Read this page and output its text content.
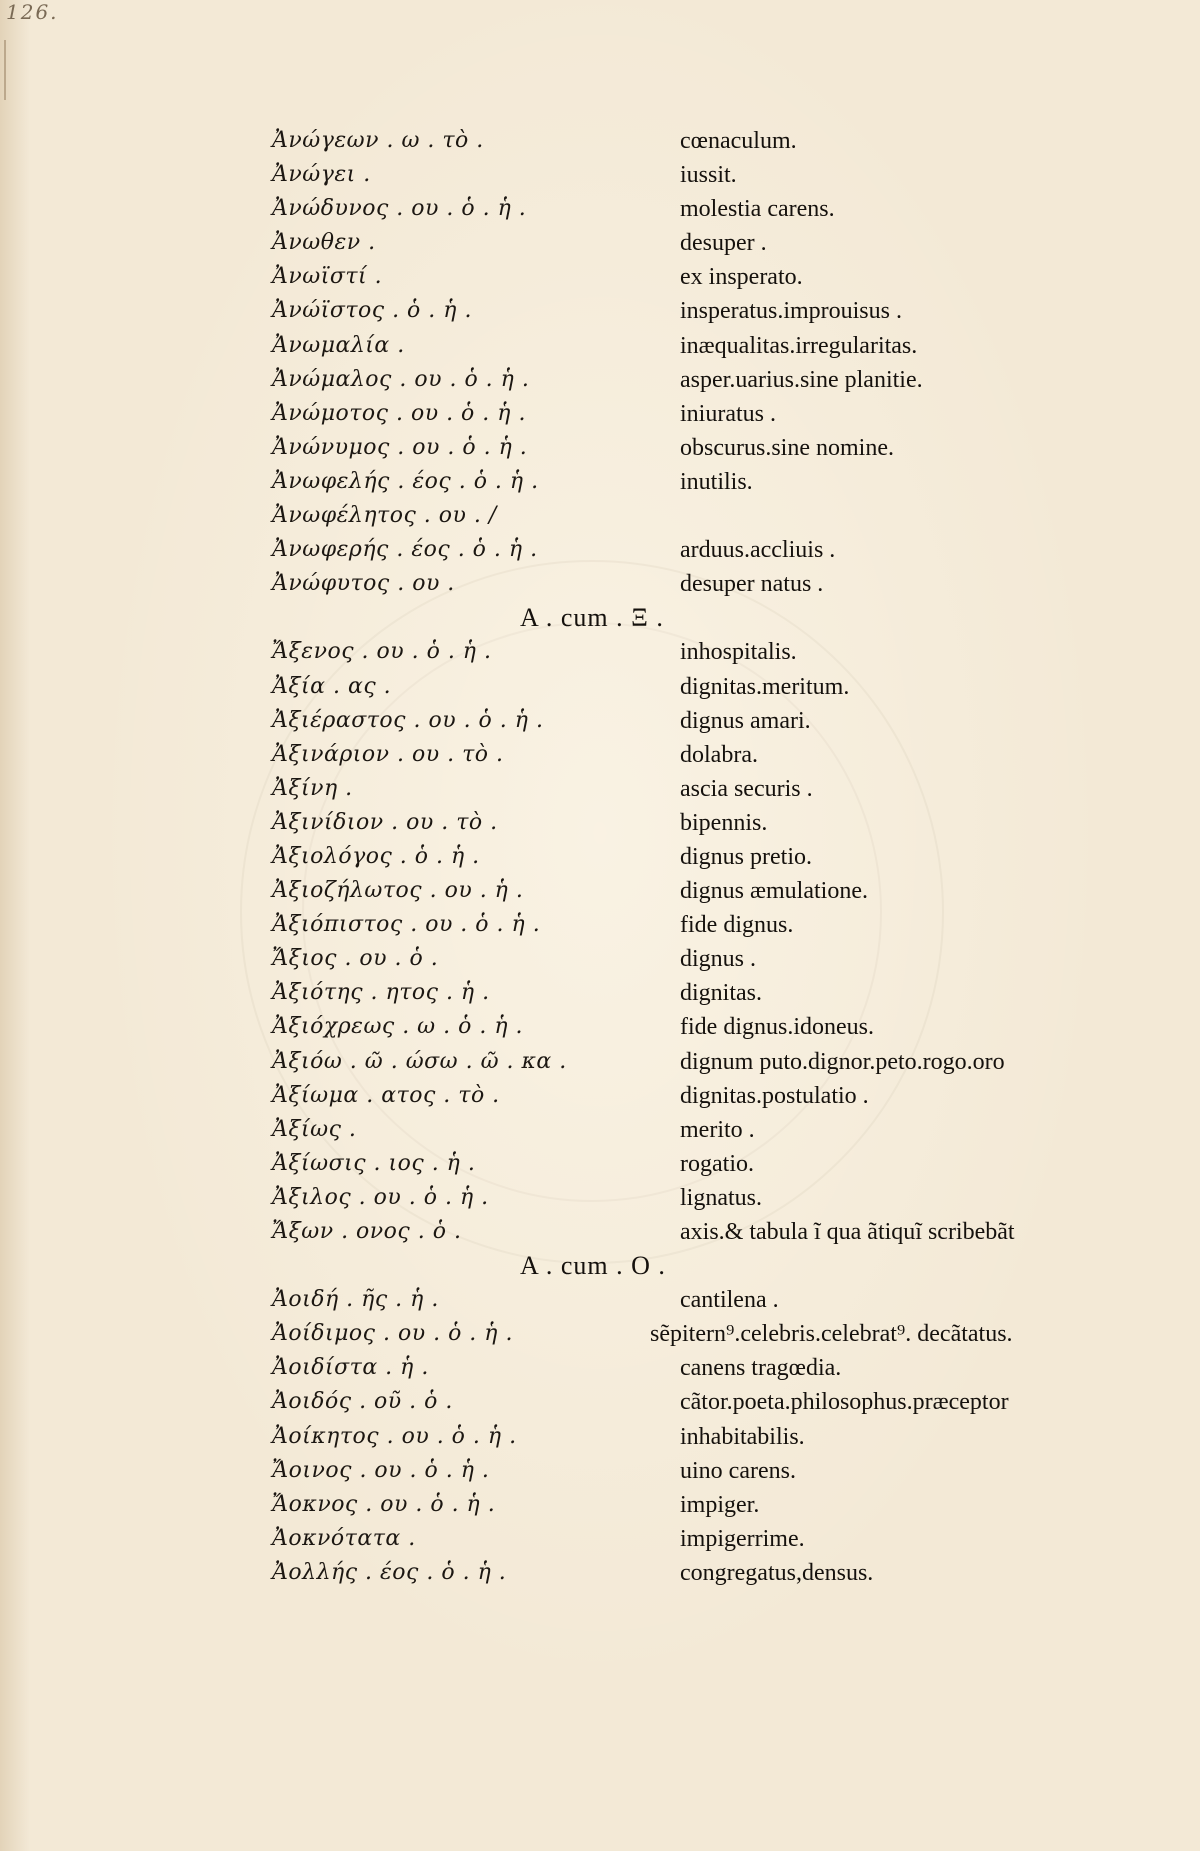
126.
Ἀνώγεων . ω . τὸ .	cœnaculum.
Ἀνώγει .	iussit.
Ἀνώδυνος . ου . ὁ . ἡ .	molestia carens.
Ἀνωθεν .	desuper .
Ἀνωϊστί .	ex insperato.
Ἀνώϊστος . ὁ . ἡ .	insperatus.improuisus .
Ἀνωμαλία .	inæqualitas.irregularitas.
Ἀνώμαλος . ου . ὁ . ἡ .	asper.uarius.sine planitie.
Ἀνώμοτος . ου . ὁ . ἡ .	iniuratus .
Ἀνώνυμος . ου . ὁ . ἡ .	obscurus.sine nomine.
Ἀνωφελής . έος . ὁ . ἡ .	inutilis.
Ἀνωφέλητος . ου . /
Ἀνωφερής . έος . ὁ . ἡ .	arduus.accliuis .
Ἀνώφυτος . ου .	desuper natus .
A . cum . Ξ .
Ἄξενος . ου . ὁ . ἡ .	inhospitalis.
Ἀξία . ας .	dignitas.meritum.
Ἀξιέραστος . ου . ὁ . ἡ .	dignus amari.
Ἀξινάριον . ου . τὸ .	dolabra.
Ἀξίνη .	ascia securis .
Ἀξινίδιον . ου . τὸ .	bipennis.
Ἀξιολόγος . ὁ . ἡ .	dignus pretio.
Ἀξιοζήλωτος . ου . ἡ .	dignus æmulatione.
Ἀξιόπιστος . ου . ὁ . ἡ .	fide dignus.
Ἄξιος . ου . ὁ .	dignus .
Ἀξιότης . ητος . ἡ .	dignitas.
Ἀξιόχρεως . ω . ὁ . ἡ .	fide dignus.idoneus.
Ἀξιόω . ῶ . ώσω . ῶ . κα .	dignum puto.dignor.peto.rogo.oro
Ἀξίωμα . ατος . τὸ .	dignitas.postulatio .
Ἀξίως .	merito .
Ἀξίωσις . ιος . ἡ .	rogatio.
Ἀξιλος . ου . ὁ . ἡ .	lignatus.
Ἄξων . ονος . ὁ .	axis.& tabula ĩ qua ãtiquĩ scribebãt
A . cum . O .
Ἀοιδή . ῆς . ἡ .	cantilena .
Ἀοίδιμος . ου . ὁ . ἡ .	sẽpitern⁹.celebris.celebrat⁹. decãtatus.
Ἀοιδίστα . ἡ .	canens tragœdia.
Ἀοιδός . οῦ . ὁ .	cãtor.poeta.philosophus.præceptor
Ἀοίκητος . ου . ὁ . ἡ .	inhabitabilis.
Ἄοινος . ου . ὁ . ἡ .	uino carens.
Ἄοκνος . ου . ὁ . ἡ .	impiger.
Ἀοκνότατα .	impigerrime.
Ἀολλής . έος . ὁ . ἡ .	congregatus,densus.
